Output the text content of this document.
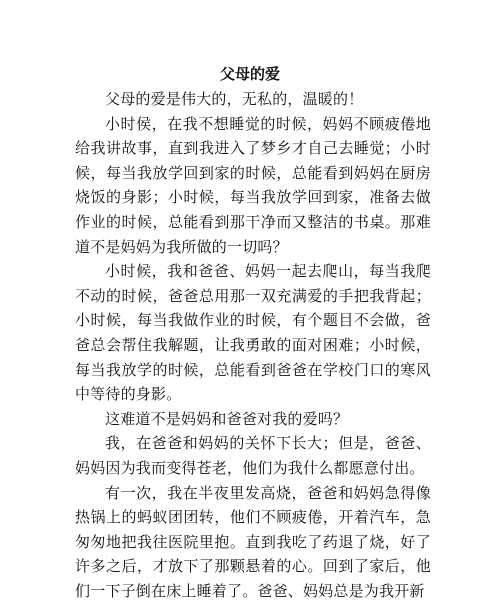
父母的爱

父母的爱是伟大的，无私的，温暖的！

小时侯，在我不想睡觉的时候，妈妈不顾疲倦地给我讲故事，直到我进入了梦乡才自己去睡觉；小时候，每当我放学回到家的时候，总能看到妈妈在厨房烧饭的身影；小时候，每当我放学回到家，准备去做作业的时候，总能看到那干净而又整洁的书桌。那难道不是妈妈为我所做的一切吗？

小时候，我和爸爸、妈妈一起去爬山，每当我爬不动的时候，爸爸总用那一双充满爱的手把我背起；小时候，每当我做作业的时候，有个题目不会做，爸爸总会帮住我解题，让我勇敢的面对困难；小时候，每当我放学的时候，总能看到爸爸在学校门口的寒风中等待的身影。

这难道不是妈妈和爸爸对我的爱吗？

我，在爸爸和妈妈的关怀下长大；但是，爸爸、妈妈因为我而变得苍老，他们为我什么都愿意付出。

有一次，我在半夜里发高烧，爸爸和妈妈急得像热锅上的蚂蚁团团转，他们不顾疲倦，开着汽车，急匆匆地把我往医院里抱。直到我吃了药退了烧，好了许多之后，才放下了那颗悬着的心。回到了家后，他们一下子倒在床上睡着了。爸爸、妈妈总是为我开新
